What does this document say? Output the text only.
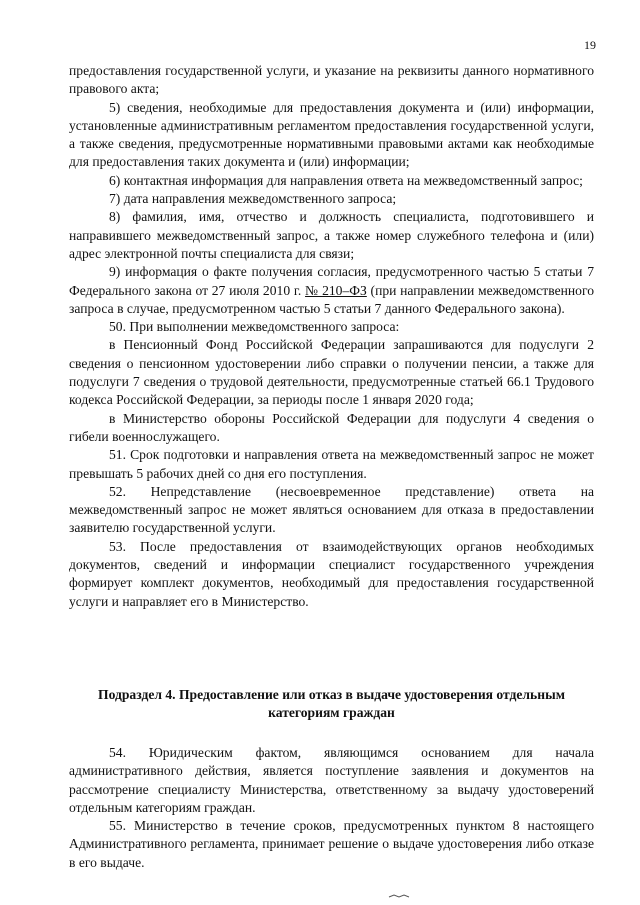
19

предоставления государственной услуги, и указание на реквизиты данного нормативного правового акта;

5) сведения, необходимые для предоставления документа и (или) информации, установленные административным регламентом предоставления государственной услуги, а также сведения, предусмотренные нормативными правовыми актами как необходимые для предоставления таких документа и (или) информации;

6) контактная информация для направления ответа на межведомственный запрос;

7) дата направления межведомственного запроса;

8) фамилия, имя, отчество и должность специалиста, подготовившего и направившего межведомственный запрос, а также номер служебного телефона и (или) адрес электронной почты специалиста для связи;

9) информация о факте получения согласия, предусмотренного частью 5 статьи 7 Федерального закона от 27 июля 2010 г. № 210–ФЗ (при направлении межведомственного запроса в случае, предусмотренном частью 5 статьи 7 данного Федерального закона).

50. При выполнении межведомственного запроса:

в Пенсионный Фонд Российской Федерации запрашиваются для подуслуги 2 сведения о пенсионном удостоверении либо справки о получении пенсии, а также для подуслуги 7 сведения о трудовой деятельности, предусмотренные статьей 66.1 Трудового кодекса Российской Федерации, за периоды после 1 января 2020 года;

в Министерство обороны Российской Федерации для подуслуги 4 сведения о гибели военнослужащего.

51. Срок подготовки и направления ответа на межведомственный запрос не может превышать 5 рабочих дней со дня его поступления.

52. Непредставление (несвоевременное представление) ответа на межведомственный запрос не может являться основанием для отказа в предоставлении заявителю государственной услуги.

53. После предоставления от взаимодействующих органов необходимых документов, сведений и информации специалист государственного учреждения формирует комплект документов, необходимый для предоставления государственной услуги и направляет его в Министерство.

Подраздел 4. Предоставление или отказ в выдаче удостоверения отдельным категориям граждан

54. Юридическим фактом, являющимся основанием для начала административного действия, является поступление заявления и документов на рассмотрение специалисту Министерства, ответственному за выдачу удостоверений отдельным категориям граждан.

55. Министерство в течение сроков, предусмотренных пунктом 8 настоящего Административного регламента, принимает решение о выдаче удостоверения либо отказе в его выдаче.
